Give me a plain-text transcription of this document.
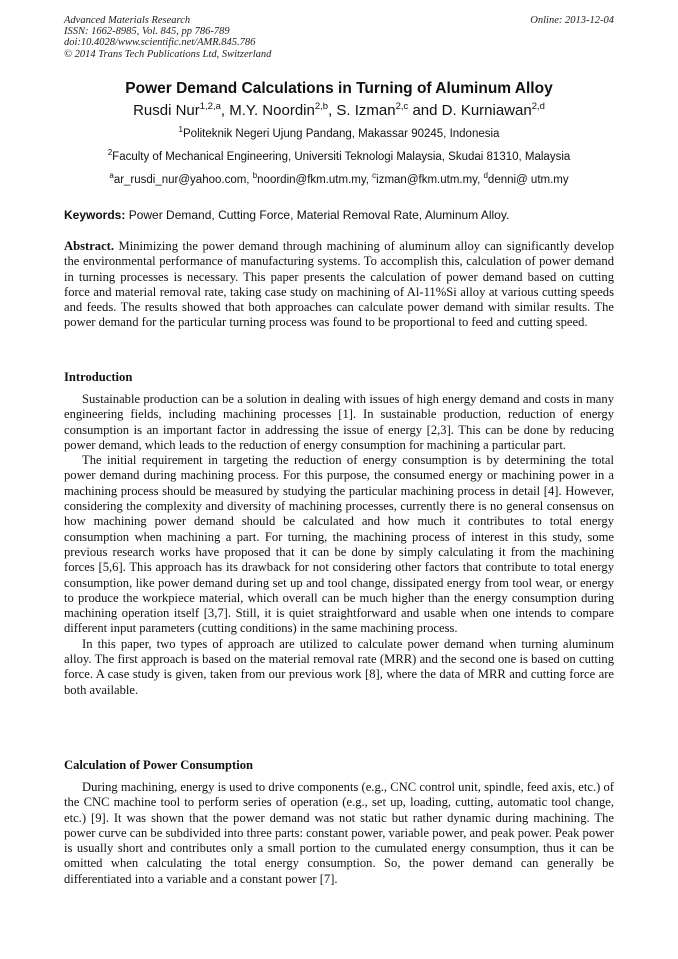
Advanced Materials Research
ISSN: 1662-8985, Vol. 845, pp 786-789
doi:10.4028/www.scientific.net/AMR.845.786
© 2014 Trans Tech Publications Ltd, Switzerland
Online: 2013-12-04
Power Demand Calculations in Turning of Aluminum Alloy
Rusdi Nur$^{1,2,a}$, M.Y. Noordin$^{2,b}$, S. Izman$^{2,c}$ and D. Kurniawan$^{2,d}$
$^1$Politeknik Negeri Ujung Pandang, Makassar 90245, Indonesia
$^2$Faculty of Mechanical Engineering, Universiti Teknologi Malaysia, Skudai 81310, Malaysia
$^a$ar_rusdi_nur@yahoo.com, $^b$noordin@fkm.utm.my, $^c$izman@fkm.utm.my, $^d$denni@ utm.my
Keywords: Power Demand, Cutting Force, Material Removal Rate, Aluminum Alloy.

Abstract. Minimizing the power demand through machining of aluminum alloy can significantly develop the environmental performance of manufacturing systems. To accomplish this, calculation of power demand in turning processes is necessary. This paper presents the calculation of power demand based on cutting force and material removal rate, taking case study on machining of Al-11%Si alloy at various cutting speeds and feeds. The results showed that both approaches can calculate power demand with similar results. The power demand for the particular turning process was found to be proportional to feed and cutting speed.

Introduction

Sustainable production can be a solution in dealing with issues of high energy demand and costs in many engineering fields, including machining processes [1]. In sustainable production, reduction of energy consumption is an important factor in addressing the issue of energy [2,3]. This can be done by reducing power demand, which leads to the reduction of energy consumption for machining a particular part.

The initial requirement in targeting the reduction of energy consumption is by determining the total power demand during machining process. For this purpose, the consumed energy or machining power in a machining process should be measured by studying the particular machining process in detail [4]. However, considering the complexity and diversity of machining processes, currently there is no general consensus on how machining power demand should be calculated and how much it contributes to total energy consumption when machining a part. For turning, the machining process of interest in this study, some previous research works have proposed that it can be done by simply calculating it from the machining forces [5,6]. This approach has its drawback for not considering other factors that contribute to total energy consumption, like power demand during set up and tool change, dissipated energy from tool wear, or energy to produce the workpiece material, which overall can be much higher than the energy consumption during machining operation itself [3,7]. Still, it is quiet straightforward and usable when one intends to compare different input parameters (cutting conditions) in the same machining process.

In this paper, two types of approach are utilized to calculate power demand when turning aluminum alloy. The first approach is based on the material removal rate (MRR) and the second one is based on cutting force. A case study is given, taken from our previous work [8], where the data of MRR and cutting force are both available.

Calculation of Power Consumption

During machining, energy is used to drive components (e.g., CNC control unit, spindle, feed axis, etc.) of the CNC machine tool to perform series of operation (e.g., set up, loading, cutting, automatic tool change, etc.) [9]. It was shown that the power demand was not static but rather dynamic during machining. The power curve can be subdivided into three parts: constant power, variable power, and peak power. Peak power is usually short and contributes only a small portion to the cumulated energy consumption, thus it can be omitted when calculating the total energy consumption. So, the power demand can generally be differentiated into a variable and a constant power [7].
